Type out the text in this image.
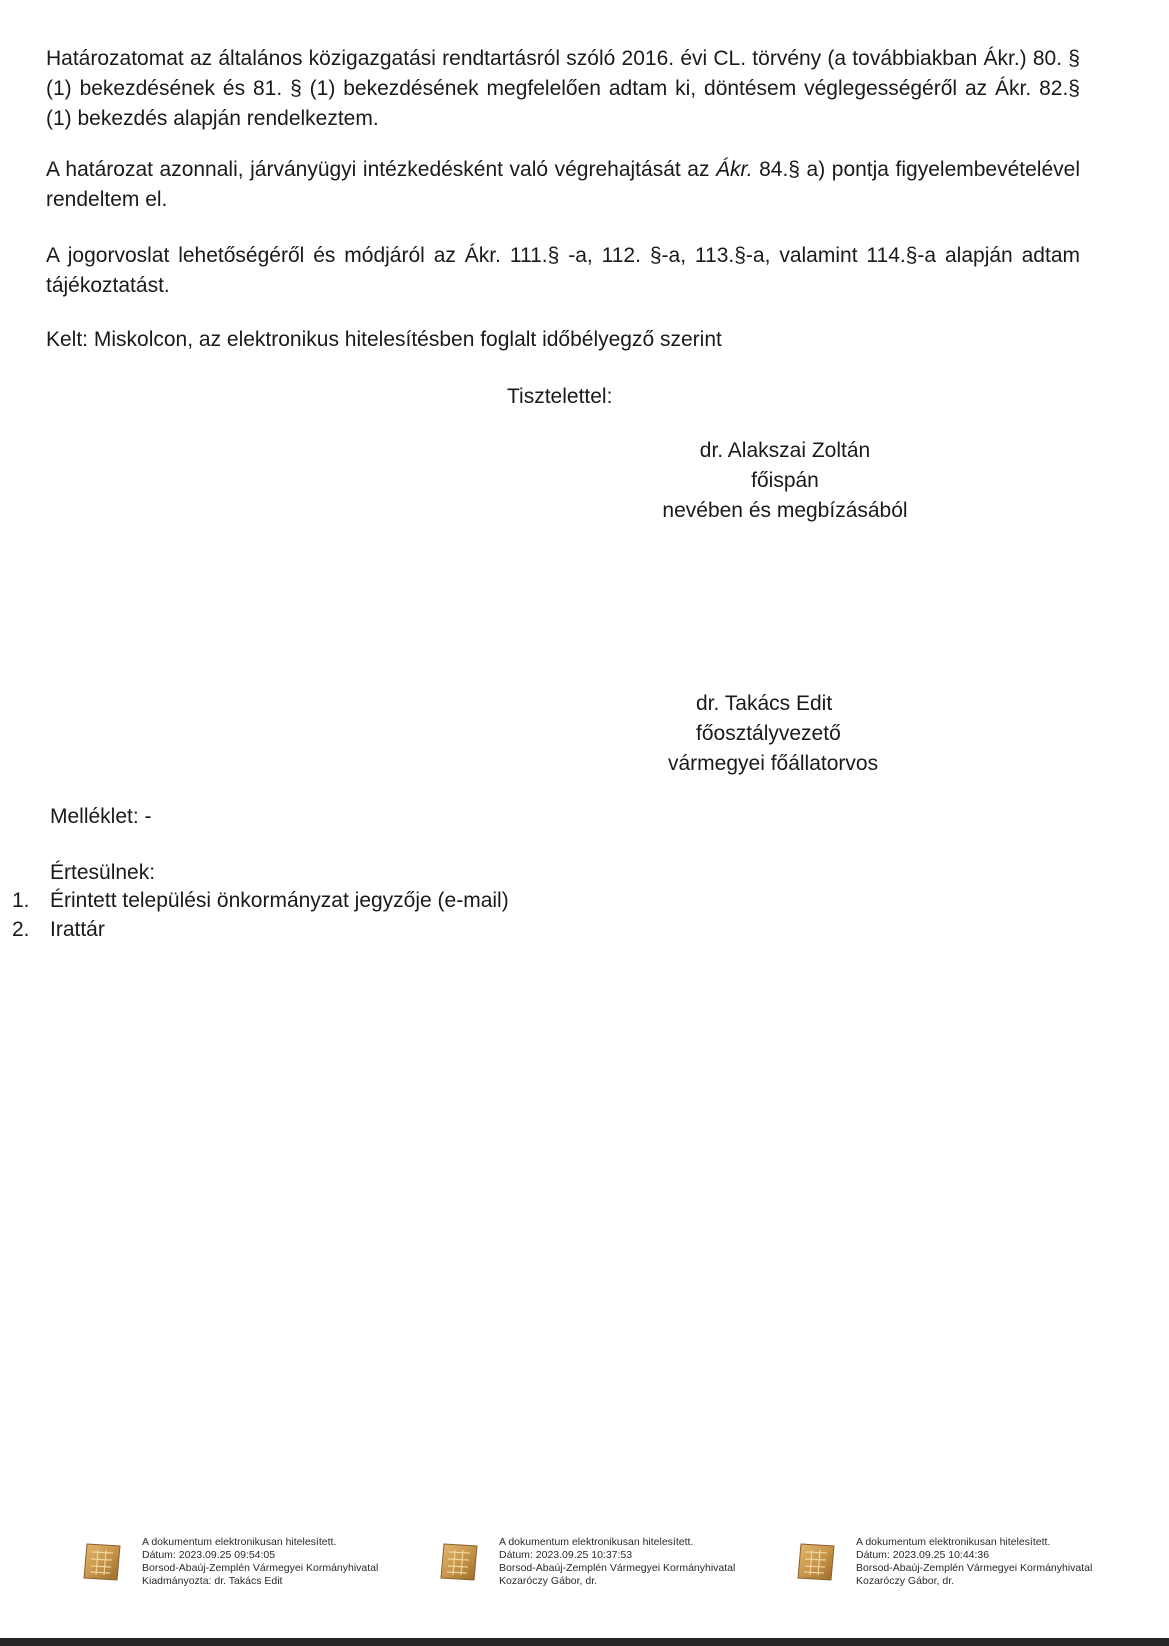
Határozatomat az általános közigazgatási rendtartásról szóló 2016. évi CL. törvény (a továbbiakban Ákr.) 80. § (1) bekezdésének és 81. § (1) bekezdésének megfelelően adtam ki, döntésem véglegességéről az Ákr. 82.§ (1) bekezdés alapján rendelkeztem.

A határozat azonnali, járványügyi intézkedésként való végrehajtását az Ákr. 84.§ a) pontja figyelembevételével rendeltem el.

A jogorvoslat lehetőségéről és módjáról az Ákr. 111.§ -a, 112. §-a, 113.§-a, valamint 114.§-a alapján adtam tájékoztatást.

Kelt: Miskolcon, az elektronikus hitelesítésben foglalt időbélyegző szerint

Tisztelettel:

dr. Alakszai Zoltán
főispán
nevében és megbízásából
dr. Takács Edit
főosztályvezető
vármegyei főállatorvos

Melléklet: -

Értesülnek:

1. Érintett települési önkormányzat jegyzője (e-mail)
2. Irattár
A dokumentum elektronikusan hitelesített.
Dátum: 2023.09.25 09:54:05
Borsod-Abaúj-Zemplén Vármegyei Kormányhivatal
Kiadmányozta: dr. Takács Edit
A dokumentum elektronikusan hitelesített.
Dátum: 2023.09.25 10:37:53
Borsod-Abaúj-Zemplén Vármegyei Kormányhivatal
Kozaróczy Gábor, dr.
A dokumentum elektronikusan hitelesített.
Dátum: 2023.09.25 10:44:36
Borsod-Abaúj-Zemplén Vármegyei Kormányhivatal
Kozaróczy Gábor, dr.
